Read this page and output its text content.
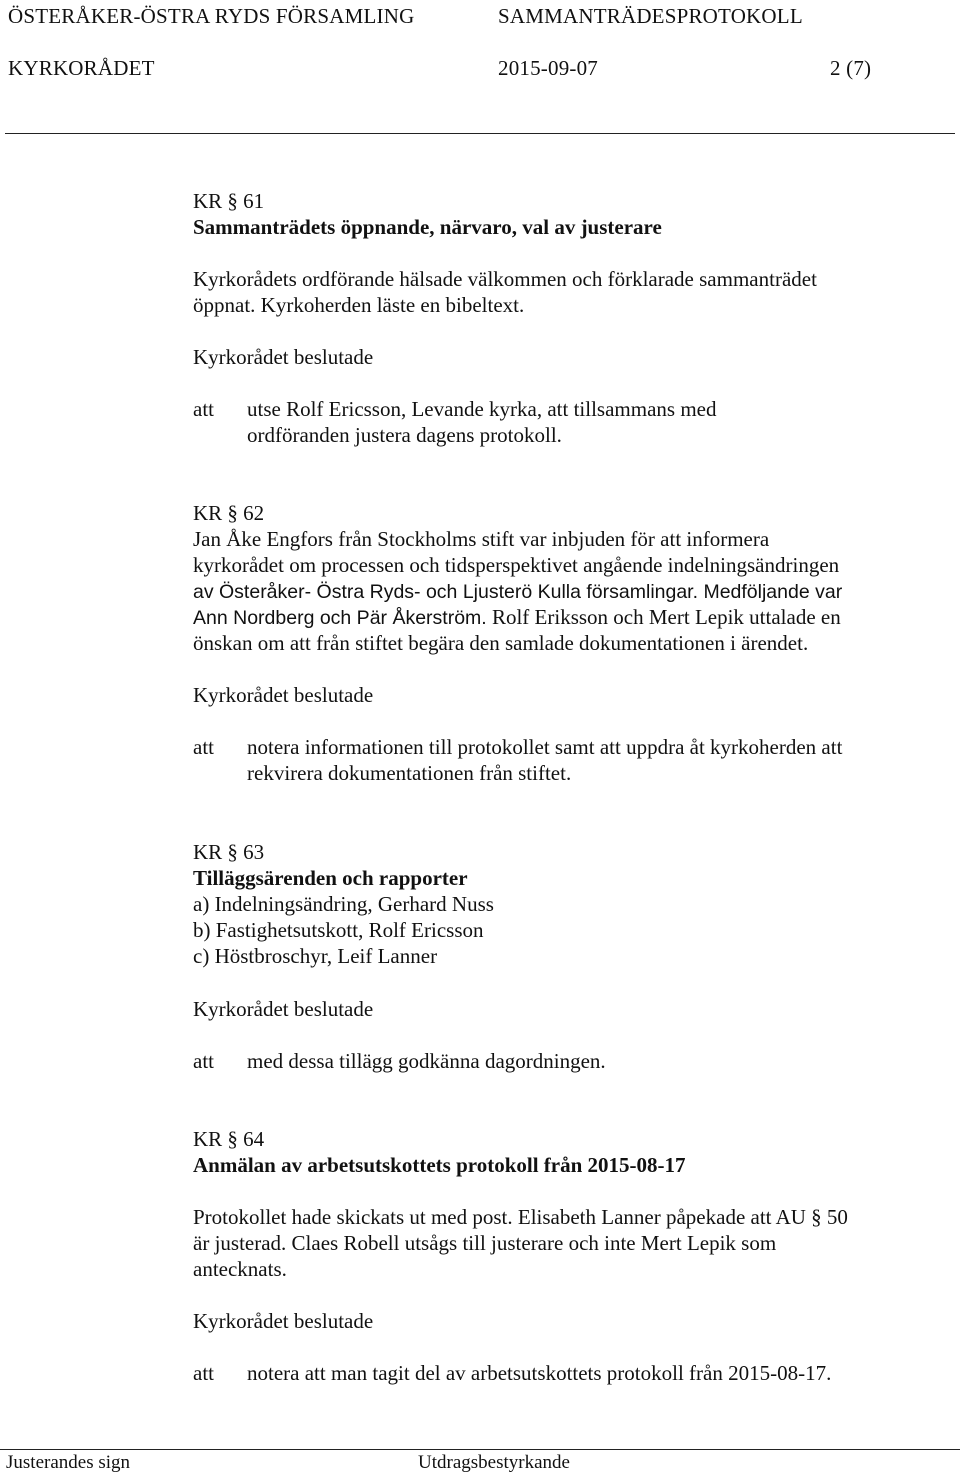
ÖSTERÅKER-ÖSTRA RYDS FÖRSAMLING	SAMMANTRÄDESPROTOKOLL
KYRKORÅDET	2015-09-07	2 (7)
KR § 61
Sammanträdets öppnande, närvaro, val av justerare
Kyrkorådets ordförande hälsade välkommen och förklarade sammanträdet
öppnat. Kyrkoherden läste en bibeltext.
Kyrkorådet beslutade
att utse Rolf Ericsson, Levande kyrka, att tillsammans med
ordföranden justera dagens protokoll.
KR § 62
Jan Åke Engfors från Stockholms stift var inbjuden för att informera
kyrkorådet om processen och tidsperspektivet angående indelningsändringen
av Österåker- Östra Ryds- och Ljusterö Kulla församlingar. Medföljande var
Ann Nordberg och Pär Åkerström. Rolf Eriksson och Mert Lepik uttalade en
önskan om att från stiftet begära den samlade dokumentationen i ärendet.
Kyrkorådet beslutade
att notera informationen till protokollet samt att uppdra åt kyrkoherden att
rekvirera dokumentationen från stiftet.
KR § 63
Tilläggsärenden och rapporter
a) Indelningsändring, Gerhard Nuss
b) Fastighetsutskott, Rolf Ericsson
c) Höstbroschyr, Leif Lanner
Kyrkorådet beslutade
att med dessa tillägg godkänna dagordningen.
KR § 64
Anmälan av arbetsutskottets protokoll från 2015-08-17
Protokollet hade skickats ut med post. Elisabeth Lanner påpekade att AU § 50
är justerad. Claes Robell utsågs till justerare och inte Mert Lepik som
antecknats.
Kyrkorådet beslutade
att notera att man tagit del av arbetsutskottets protokoll från 2015-08-17.
Justerandes sign	Utdragsbestyrkande
